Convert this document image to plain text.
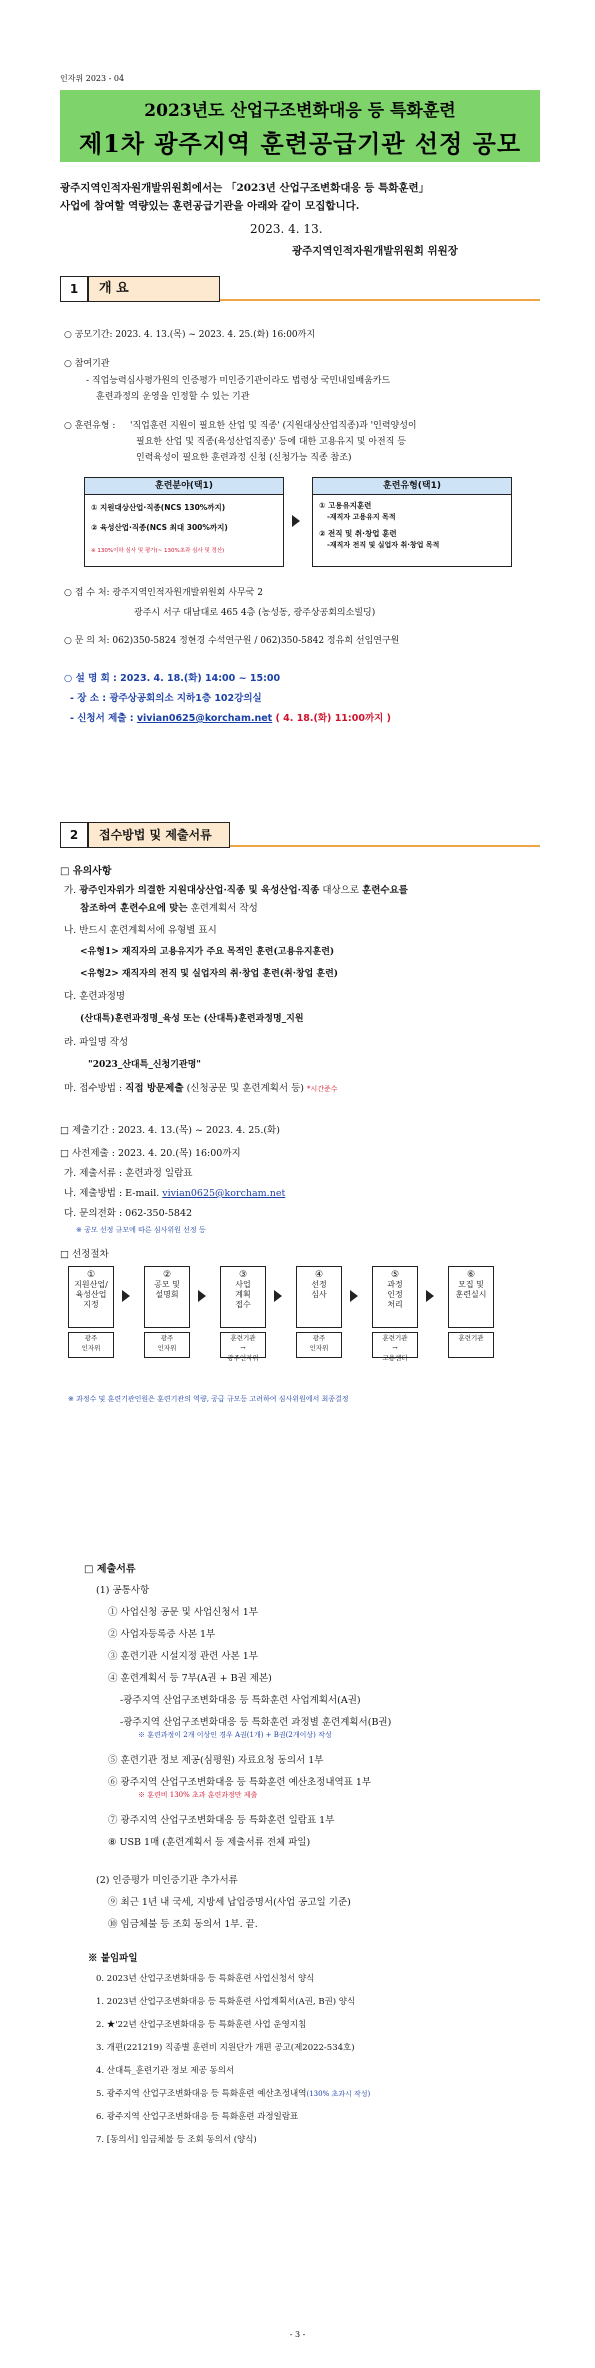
인자위 2023 - 04
2023년도 산업구조변화대응 등 특화훈련
제1차 광주지역 훈련공급기관 선정 공모
광주지역인적자원개발위원회에서는 「2023년 산업구조변화대응 등 특화훈련」
사업에 참여할 역량있는 훈련공급기관을 아래와 같이 모집합니다.
2023. 4. 13.
광주지역인적자원개발위원회 위원장
1	개 요
○ 공모기간: 2023. 4. 13.(목) ~ 2023. 4. 25.(화) 16:00까지
○ 참여기관
- 직업능력심사평가원의 인증평가 미인증기관이라도 법령상 국민내일배움카드
훈련과정의 운영을 인정할 수 있는 기관
○ 훈련유형 : '직업훈련 지원이 필요한 산업 및 직종' (지원대상산업직종)과 '인력양성이
필요한 산업 및 직종(육성산업직종)' 등에 대한 고용유지 및 아전직 등
인력육성이 필요한 훈련과정 신청 (신청가능 직종 참조)
훈련분야(택1)
① 지원대상산업·직종(NCS 130%까지)
② 육성산업·직종(NCS 최대 300%까지)
※ 130%이하 심사 및 평가(~ 130%초과 심사 및 정산)
훈련유형(택1)
① 고용유지훈련
-재직자 고용유지 목적
② 전직 및 취·창업 훈련
-재직자 전직 및 실업자 취·창업 목적
○ 접 수 처: 광주지역인적자원개발위원회 사무국 2
광주시 서구 대남대로 465 4층 (농성동, 광주상공회의소빌딩)
○ 문 의 처: 062)350-5824 정현경 수석연구원 / 062)350-5842 정유희 선임연구원
○ 설 명 회 : 2023. 4. 18.(화) 14:00 ~ 15:00
- 장 소 : 광주상공회의소 지하1층 102강의실
- 신청서 제출 : vivian0625@korcham.net ( 4. 18.(화) 11:00까지 )
2	접수방법 및 제출서류
□ 유의사항
가. 광주인자위가 의결한 지원대상산업·직종 및 육성산업·직종 대상으로 훈련수요를
참조하여 훈련수요에 맞는 훈련계획서 작성
나. 반드시 훈련계획서에 유형별 표시
<유형1> 재직자의 고용유지가 주요 목적인 훈련(고용유지훈련)
<유형2> 재직자의 전직 및 실업자의 취·창업 훈련(취·창업 훈련)
다. 훈련과정명
(산대특)훈련과정명_육성 또는 (산대특)훈련과정명_지원
라. 파일명 작성
"2023_산대특_신청기관명"
마. 접수방법 : 직접 방문제출 (신청공문 및 훈련계획서 등) *시간준수
□ 제출기간 : 2023. 4. 13.(목) ~ 2023. 4. 25.(화)
□ 사전제출 : 2023. 4. 20.(목) 16:00까지
가. 제출서류 : 훈련과정 일람표
나. 제출방법 : E-mail. vivian0625@korcham.net
다. 문의전화 : 062-350-5842
※ 공모 선정 규모에 따른 심사위원 선정 등
□ 선정절차
①
지원산업/
육성산업
지정
광주
인자위
②
공모 및
설명회
광주
인자위
③
사업
계획
접수
훈련기관
→
광주인자위
④
선정
심사
광주
인자위
⑤
과정
인정
처리
훈련기관
→
고용센터
⑥
모집 및
훈련실시
훈련기관
※ 과정수 및 훈련기관인원은 훈련기관의 역량, 공급 규모등 고려하여 심사위원에서 최종결정
□ 제출서류
(1) 공통사항
① 사업신청 공문 및 사업신청서 1부
② 사업자등록증 사본 1부
③ 훈련기관 시설지정 관련 사본 1부
④ 훈련계획서 등 7부(A권 + B권 제본)
-광주지역 산업구조변화대응 등 특화훈련 사업계획서(A권)
-광주지역 산업구조변화대응 등 특화훈련 과정별 훈련계획서(B권)
※ 훈련과정이 2개 이상인 경우 A권(1개) + B권(2개이상) 작성
⑤ 훈련기관 정보 제공(심평원) 자료요청 동의서 1부
⑥ 광주지역 산업구조변화대응 등 특화훈련 예산초정내역표 1부
※ 훈련비 130% 초과 훈련과정만 제출
⑦ 광주지역 산업구조변화대응 등 특화훈련 일람표 1부
⑧ USB 1매 (훈련계획서 등 제출서류 전체 파일)
(2) 인증평가 미인증기관 추가서류
⑨ 최근 1년 내 국세, 지방세 납입증명서(사업 공고일 기준)
⑩ 임금체불 등 조회 동의서 1부. 끝.
※ 붙임파일
0. 2023년 산업구조변화대응 등 특화훈련 사업신청서 양식
1. 2023년 산업구조변화대응 등 특화훈련 사업계획서(A권, B권) 양식
2. ★'22년 산업구조변화대응 등 특화훈련 사업 운영지침
3. 개편(221219) 직종별 훈련비 지원단가 개편 공고(제2022-534호)
4. 산대특_훈련기관 정보 제공 동의서
5. 광주지역 산업구조변화대응 등 특화훈련 예산초정내역(130% 초과시 작성)
6. 광주지역 산업구조변화대응 등 특화훈련 과정일람표
7. [동의서] 임금체불 등 조회 동의서 (양식)
- 3 -
